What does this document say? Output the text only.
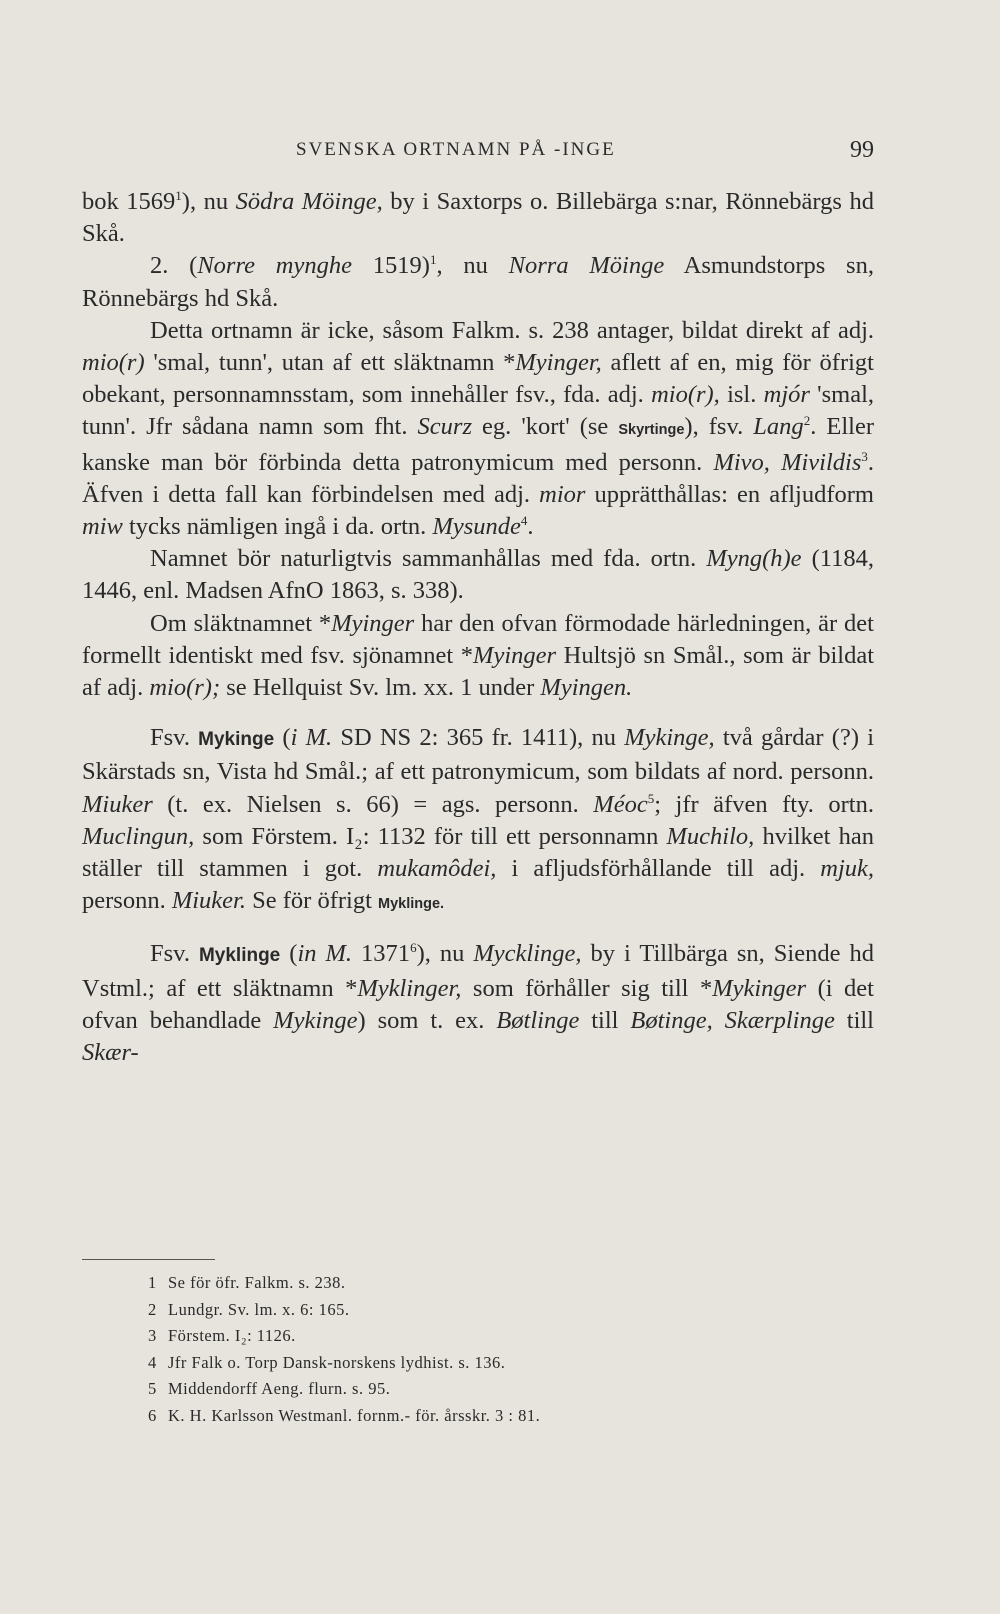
SVENSKA ORTNAMN PÅ -INGE	99

bok 1569$^1$), nu Södra Möinge, by i Saxtorps o. Billebärga s:nar, Rönnebärgs hd Skå.

2. (Norre mynghe 1519)$^1$, nu Norra Möinge Asmundstorps sn, Rönnebärgs hd Skå.

Detta ortnamn är icke, såsom Falkm. s. 238 antager, bildat direkt af adj. mio(r) 'smal, tunn', utan af ett släktnamn *Myinger, aflett af en, mig för öfrigt obekant, personnamnsstam, som innehåller fsv., fda. adj. mio(r), isl. mjór 'smal, tunn'. Jfr sådana namn som fht. Scurz eg. 'kort' (se Skyrtinge), fsv. Lang$^2$. Eller kanske man bör förbinda detta patronymicum med personn. Mivo, Mivildis$^3$. Äfven i detta fall kan förbindelsen med adj. mior upprätthållas: en afljudform miw tycks nämligen ingå i da. ortn. Mysunde$^4$.

Namnet bör naturligtvis sammanhållas med fda. ortn. Myng(h)e (1184, 1446, enl. Madsen AfnO 1863, s. 338).

Om släktnamnet *Myinger har den ofvan förmodade härledningen, är det formellt identiskt med fsv. sjönamnet *Myinger Hultsjö sn Smål., som är bildat af adj. mio(r); se Hellquist Sv. lm. xx. 1 under Myingen.

Fsv. Mykinge (i M. SD NS 2: 365 fr. 1411), nu Mykinge, två gårdar (?) i Skärstads sn, Vista hd Smål.; af ett patronymicum, som bildats af nord. personn. Miuker (t. ex. Nielsen s. 66) = ags. personn. Méoc$^5$; jfr äfven fty. ortn. Muclingun, som Förstem. I₂: 1132 för till ett personnamn Muchilo, hvilket han ställer till stammen i got. mukamôdei, i afljudsförhållande till adj. mjuk, personn. Miuker. Se för öfrigt Myklinge.

Fsv. Myklinge (in M. 1371$^6$), nu Mycklinge, by i Tillbärga sn, Siende hd Vstml.; af ett släktnamn *Myklinger, som förhåller sig till *Mykinger (i det ofvan behandlade Mykinge) som t. ex. Bøtlinge till Bøtinge, Skærplinge till Skær-

1 Se för öfr. Falkm. s. 238.
2 Lundgr. Sv. lm. x. 6: 165.
3 Förstem. I₂: 1126.
4 Jfr Falk o. Torp Dansk-norskens lydhist. s. 136.
5 Middendorff Aeng. flurn. s. 95.
6 K. H. Karlsson Westmanl. fornm.- för. årsskr. 3 : 81.
